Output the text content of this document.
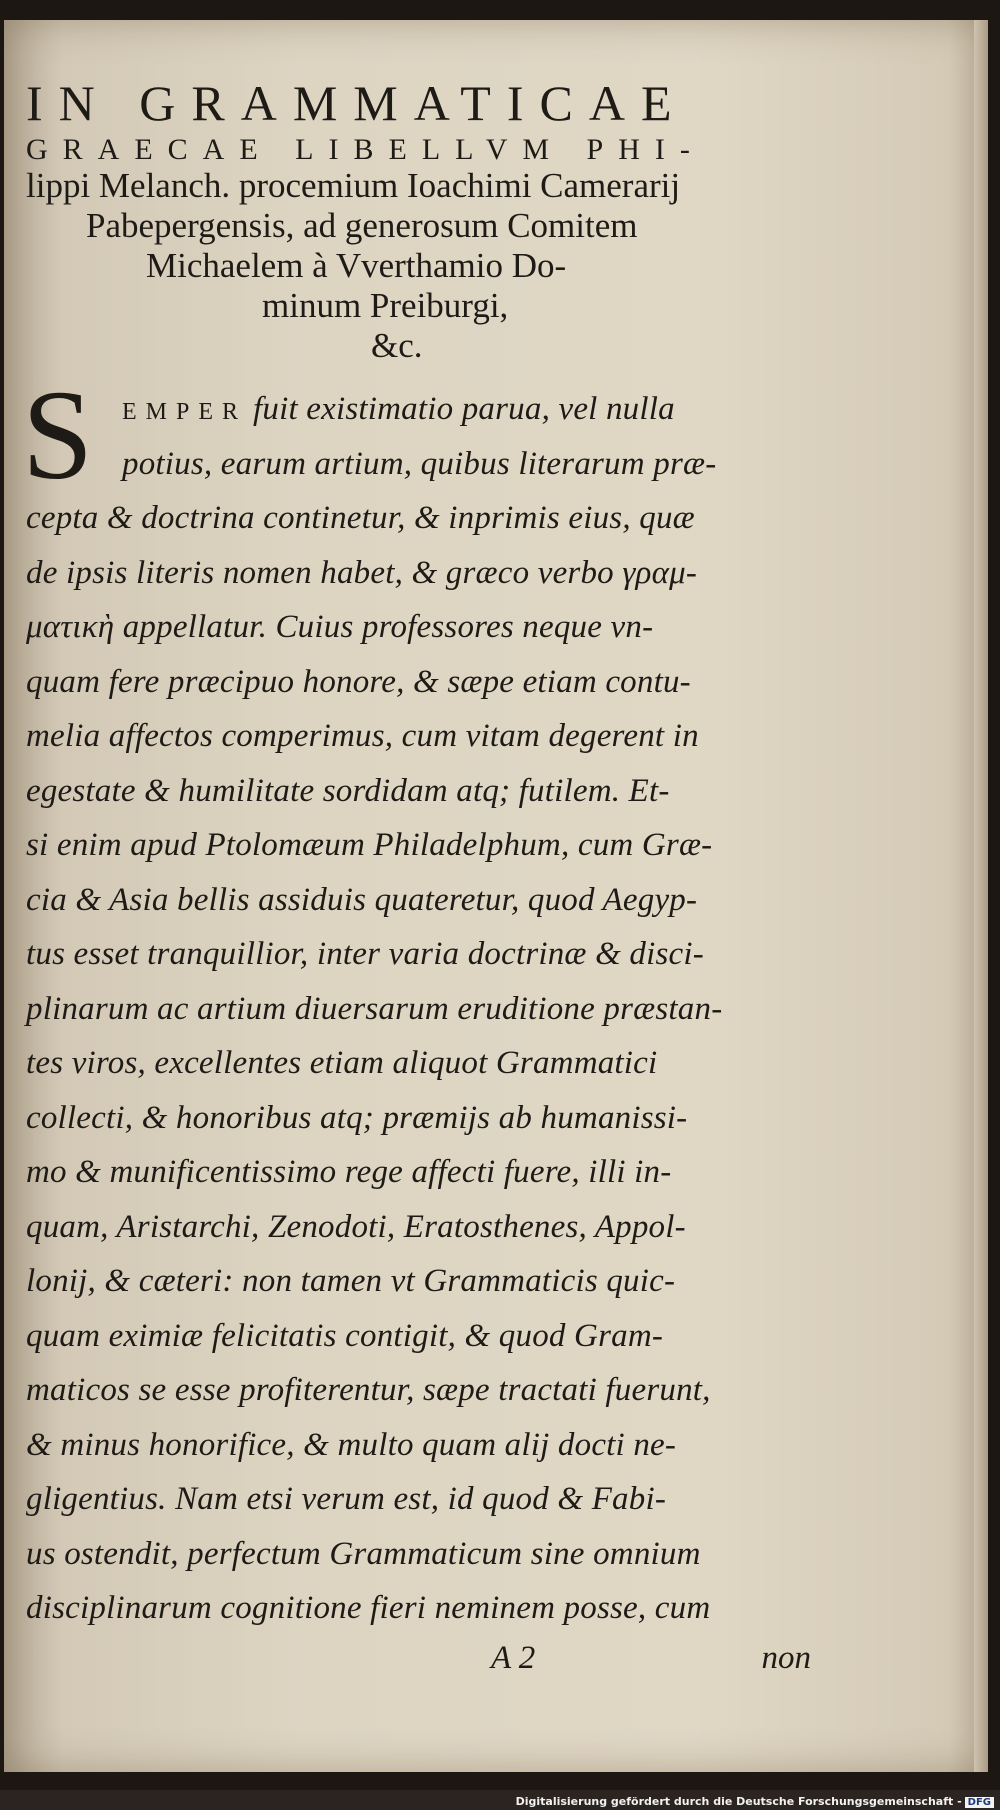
IN GRAMMATICAE

GRAECAE LIBELLVM PHI-

lippi Melanch. procemium Ioachimi Camerarij

Pabepergensis, ad generosum Comitem

Michaelem à Vverthamio Do-

minum Preiburgi,

&c.

S	EMPER fuit existimatio parua, vel nulla
potius, earum artium, quibus literarum præ-
cepta & doctrina continetur, & inprimis eius, quæ
de ipsis literis nomen habet, & græco verbo γραμ-
ματικὴ appellatur. Cuius professores neque vn-
quam fere præcipuo honore, & sæpe etiam contu-
melia affectos comperimus, cum vitam degerent in
egestate & humilitate sordidam atq; futilem. Et-
si enim apud Ptolomæum Philadelphum, cum Græ-
cia & Asia bellis assiduis quateretur, quod Aegyp-
tus esset tranquillior, inter varia doctrinæ & disci-
plinarum ac artium diuersarum eruditione præstan-
tes viros, excellentes etiam aliquot Grammatici
collecti, & honoribus atq; præmijs ab humanissi-
mo & munificentissimo rege affecti fuere, illi in-
quam, Aristarchi, Zenodoti, Eratosthenes, Appol-
lonij, & cæteri: non tamen vt Grammaticis quic-
quam eximiæ felicitatis contigit, & quod Gram-
maticos se esse profiterentur, sæpe tractati fuerunt,
& minus honorifice, & multo quam alij docti ne-
gligentius. Nam etsi verum est, id quod & Fabi-
us ostendit, perfectum Grammaticum sine omnium
disciplinarum cognitione fieri neminem posse, cum
A 2	non
Digitalisierung gefördert durch die Deutsche Forschungsgemeinschaft - DFG
